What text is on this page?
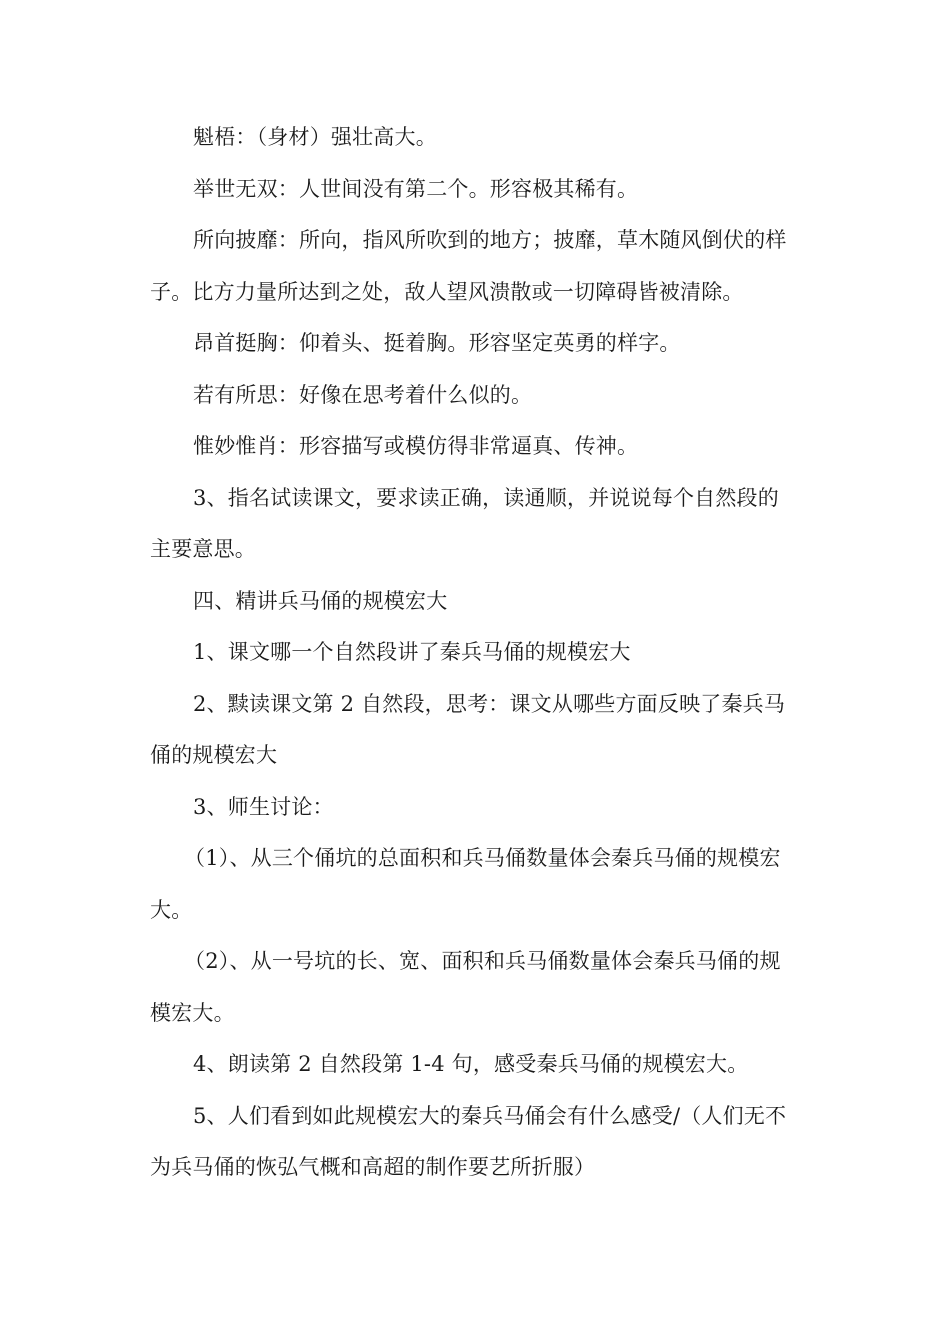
魁梧：（身材）强壮高大。

举世无双：人世间没有第二个。形容极其稀有。

所向披靡：所向，指风所吹到的地方；披靡，草木随风倒伏的样子。比方力量所达到之处，敌人望风溃散或一切障碍皆被清除。

昂首挺胸：仰着头、挺着胸。形容坚定英勇的样字。

若有所思：好像在思考着什么似的。

惟妙惟肖：形容描写或模仿得非常逼真、传神。

3、指名试读课文，要求读正确，读通顺，并说说每个自然段的主要意思。

四、精讲兵马俑的规模宏大

1、课文哪一个自然段讲了秦兵马俑的规模宏大

2、黩读课文第 2 自然段，思考：课文从哪些方面反映了秦兵马俑的规模宏大

3、师生讨论：

（1）、从三个俑坑的总面积和兵马俑数量体会秦兵马俑的规模宏大。

（2）、从一号坑的长、宽、面积和兵马俑数量体会秦兵马俑的规模宏大。

4、朗读第 2 自然段第 1-4 句，感受秦兵马俑的规模宏大。

5、人们看到如此规模宏大的秦兵马俑会有什么感受/（人们无不为兵马俑的恢弘气概和高超的制作要艺所折服）
